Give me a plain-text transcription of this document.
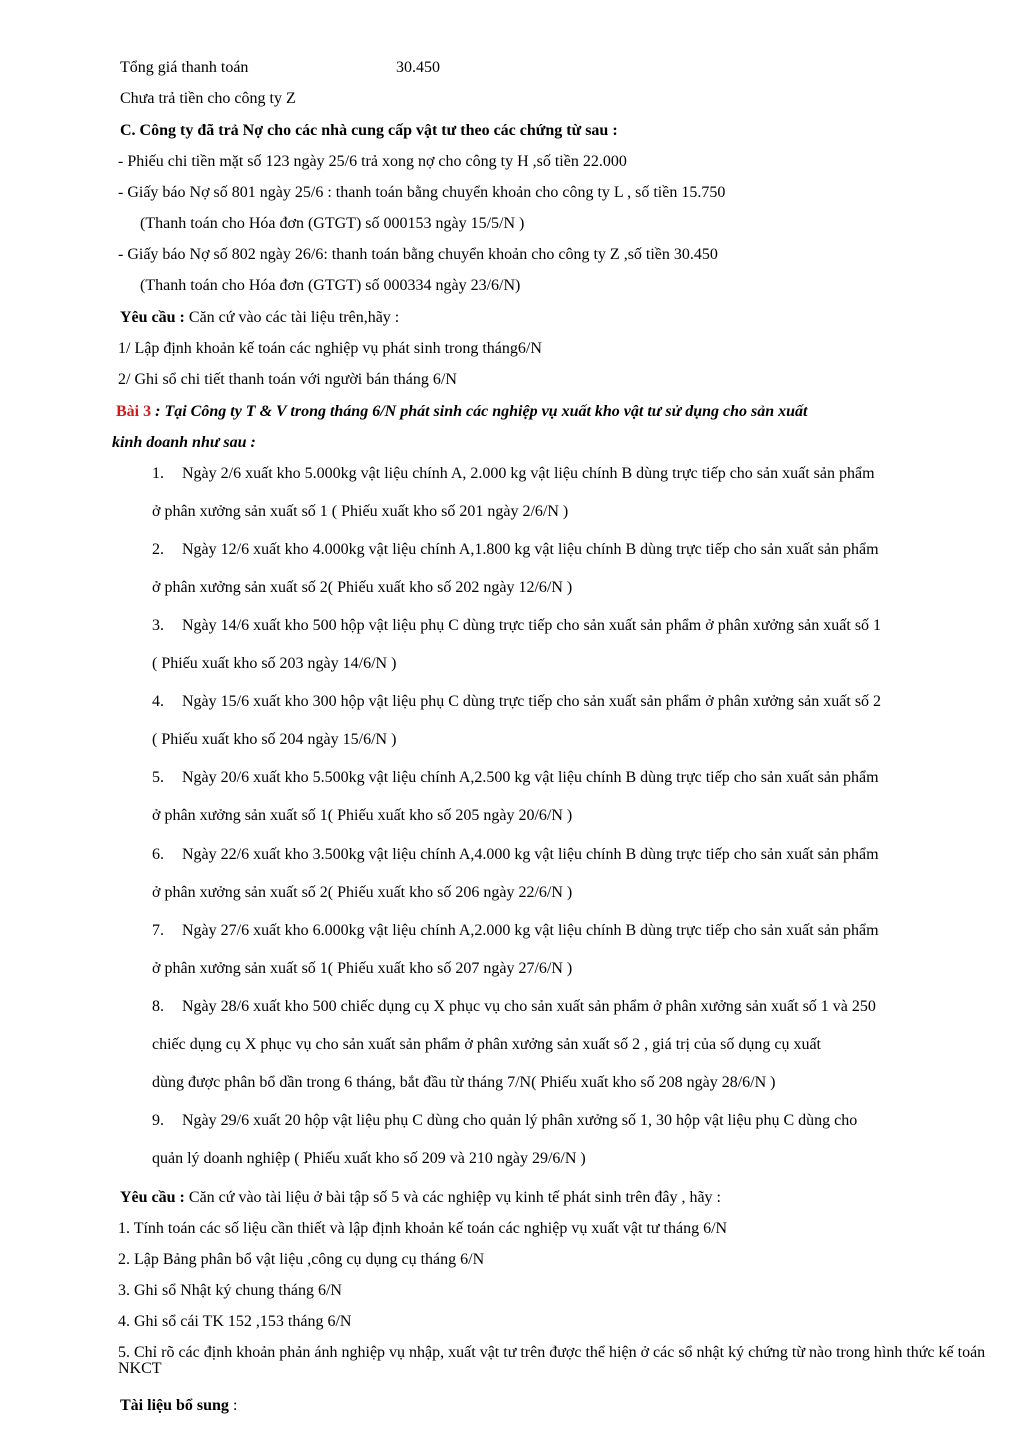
Tổng giá thanh toán	30.450
Chưa trả tiền cho công ty Z
C. Công ty đã trả Nợ cho các nhà cung cấp vật tư theo các chứng từ sau :
- Phiếu chi tiền mặt số 123 ngày 25/6 trả xong nợ cho công ty H ,số tiền 22.000
- Giấy báo Nợ số 801 ngày 25/6 : thanh toán bằng chuyển khoản cho công ty L , số tiền 15.750
(Thanh toán cho Hóa đơn (GTGT) số 000153 ngày 15/5/N )
- Giấy báo Nợ số 802 ngày 26/6: thanh toán bằng chuyển khoản cho công ty Z ,số tiền 30.450
(Thanh toán cho Hóa đơn (GTGT) số 000334 ngày 23/6/N)
Yêu cầu : Căn cứ vào các tài liệu trên,hãy :
1/ Lập định khoản kế toán các nghiệp vụ phát sinh trong tháng6/N
2/ Ghi sổ chi tiết thanh toán với người bán tháng 6/N
Bài 3 : Tại Công ty T & V trong tháng 6/N phát sinh các nghiệp vụ xuất kho vật tư sử dụng cho sản xuất
kinh doanh như sau :
1. Ngày 2/6 xuất kho 5.000kg vật liệu chính A, 2.000 kg vật liệu chính B dùng trực tiếp cho sản xuất sản phẩm
ở phân xưởng sản xuất số 1 ( Phiếu xuất kho số 201 ngày 2/6/N )
2. Ngày 12/6 xuất kho 4.000kg vật liệu chính A,1.800 kg vật liệu chính B dùng trực tiếp cho sản xuất sản phẩm
ở phân xưởng sản xuất số 2( Phiếu xuất kho số 202 ngày 12/6/N )
3. Ngày 14/6 xuất kho 500 hộp vật liệu phụ C dùng trực tiếp cho sản xuất sản phẩm ở phân xưởng sản xuất số 1
( Phiếu xuất kho số 203 ngày 14/6/N )
4. Ngày 15/6 xuất kho 300 hộp vật liệu phụ C dùng trực tiếp cho sản xuất sản phẩm ở phân xưởng sản xuất số 2
( Phiếu xuất kho số 204 ngày 15/6/N )
5. Ngày 20/6 xuất kho 5.500kg vật liệu chính A,2.500 kg vật liệu chính B dùng trực tiếp cho sản xuất sản phẩm
ở phân xưởng sản xuất số 1( Phiếu xuất kho số 205 ngày 20/6/N )
6. Ngày 22/6 xuất kho 3.500kg vật liệu chính A,4.000 kg vật liệu chính B dùng trực tiếp cho sản xuất sản phẩm
ở phân xưởng sản xuất số 2( Phiếu xuất kho số 206 ngày 22/6/N )
7. Ngày 27/6 xuất kho 6.000kg vật liệu chính A,2.000 kg vật liệu chính B dùng trực tiếp cho sản xuất sản phẩm
ở phân xưởng sản xuất số 1( Phiếu xuất kho số 207 ngày 27/6/N )
8. Ngày 28/6 xuất kho 500 chiếc dụng cụ X phục vụ cho sản xuất sản phẩm ở phân xưởng sản xuất số 1 và 250
chiếc dụng cụ X phục vụ cho sản xuất sản phẩm ở phân xưởng sản xuất số 2 , giá trị của số dụng cụ xuất
dùng được phân bổ dần trong 6 tháng, bắt đầu từ tháng 7/N( Phiếu xuất kho số 208 ngày 28/6/N )
9. Ngày 29/6 xuất 20 hộp vật liệu phụ C dùng cho quản lý phân xưởng số 1, 30 hộp vật liệu phụ C dùng cho
quản lý doanh nghiệp ( Phiếu xuất kho số 209 và 210 ngày 29/6/N )
Yêu cầu : Căn cứ vào tài liệu ở bài tập số 5 và các nghiệp vụ kinh tế phát sinh trên đây , hãy :
1. Tính toán các số liệu cần thiết và lập định khoản kế toán các nghiệp vụ xuất vật tư tháng 6/N
2. Lập Bảng phân bổ vật liệu ,công cụ dụng cụ tháng 6/N
3. Ghi sổ Nhật ký chung tháng 6/N
4. Ghi sổ cái TK 152 ,153 tháng 6/N
5. Chỉ rõ các định khoản phản ánh nghiệp vụ nhập, xuất vật tư trên được thể hiện ở các sổ nhật ký chứng từ nào trong hình thức kế toán NKCT
Tài liệu bổ sung :
